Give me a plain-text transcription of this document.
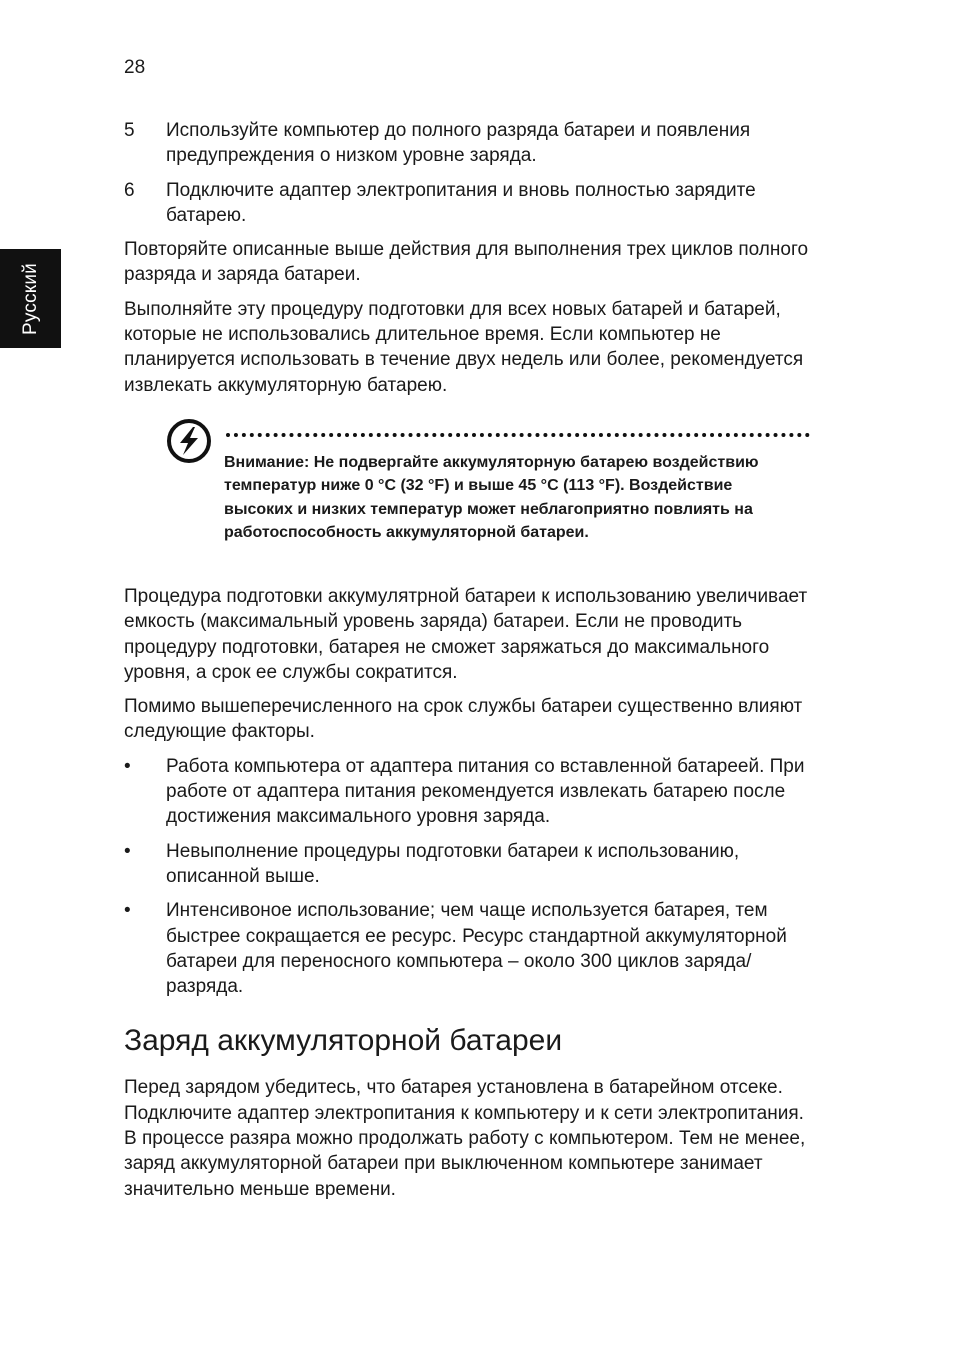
28
Русский
5	Используйте компьютер до полного разряда батареи и появления предупреждения о низком уровне заряда.
6	Подключите адаптер электропитания и вновь полностью зарядите батарею.

Повторяйте описанные выше действия для выполнения трех циклов полного разряда и заряда батареи.

Выполняйте эту процедуру подготовки для всех новых батарей и батарей, которые не использовались длительное время. Если компьютер не планируется использовать в течение двух недель или более, рекомендуется извлекать аккумуляторную батарею.

Внимание: Не подвергайте аккумуляторную батарею воздействию температур ниже 0 °C (32 °F) и выше 45 °C (113 °F). Воздействие высоких и низких температур может неблагоприятно повлиять на работоспособность аккумуляторной батареи.

Процедура подготовки аккумулятрной батареи к использованию увеличивает емкость (максимальный уровень заряда) батареи. Если не проводить процедуру подготовки, батарея не сможет заряжаться до максимального уровня, а срок ее службы сократится.

Помимо вышеперечисленного на срок службы батареи существенно влияют следующие факторы.

•	Работа компьютера от адаптера питания со вставленной батареей. При работе от адаптера питания рекомендуется извлекать батарею после достижения максимального уровня заряда.
•	Невыполнение процедуры подготовки батареи к использованию, описанной выше.
•	Интенсивоное использование; чем чаще используется батарея, тем быстрее сокращается ее ресурс. Ресурс стандартной аккумуляторной батареи для переносного компьютера – около 300 циклов заряда/разряда.
Заряд аккумуляторной батареи

Перед зарядом убедитесь, что батарея установлена в батарейном отсеке. Подключите адаптер электропитания к компьютеру и к сети электропитания. В процессе разяра можно продолжать работу с компьютером. Тем не менее, заряд аккумуляторной батареи при выключенном компьютере занимает значительно меньше времени.
